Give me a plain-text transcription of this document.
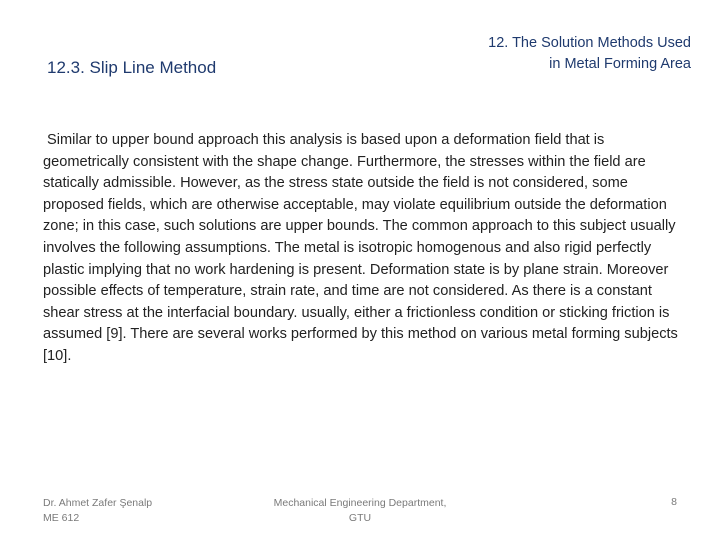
12.3. Slip Line Method
12. The Solution Methods Used
in Metal Forming Area
Similar to upper bound approach this analysis is based upon a deformation field that is geometrically consistent with the shape change. Furthermore, the stresses within the field are statically admissible. However, as the stress state outside the field is not considered, some proposed fields, which are otherwise acceptable, may violate equilibrium outside the deformation zone; in this case, such solutions are upper bounds. The common approach to this subject usually involves the following assumptions. The metal is isotropic homogenous and also rigid perfectly plastic implying that no work hardening is present. Deformation state is by plane strain. Moreover possible effects of temperature, strain rate, and time are not considered. As there is a constant shear stress at the interfacial boundary. usually, either a frictionless condition or sticking friction is assumed [9]. There are several works performed by this method on various metal forming subjects [10].
Dr. Ahmet Zafer Şenalp
ME 612
Mechanical Engineering Department,
GTU
8
